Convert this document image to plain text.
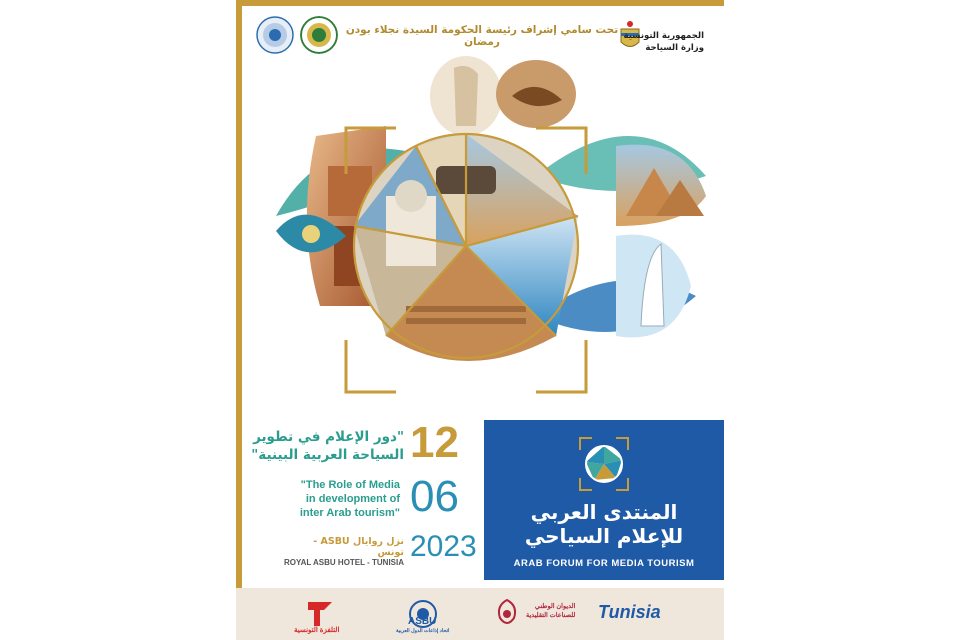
تحت سامي إشراف رئيسة الحكومة السيدة نجلاء بودن رمضان	الجمهورية التونسية
وزارة السياحة
"دور الإعلام في تطوير
السياحة العربية البينية"
"The Role of Media
in development of
inter Arab tourism"
12
06
2023
نزل روايال ASBU - تونس
ROYAL ASBU HOTEL - TUNISIA
المنتدى العربي
للإعلام السياحي
ARAB FORUM FOR MEDIA TOURISM
التلفزة التونسية
ASBU
اتحاد إذاعات الدول العربية
الديوان الوطني
للصناعات التقليدية Tunisia
